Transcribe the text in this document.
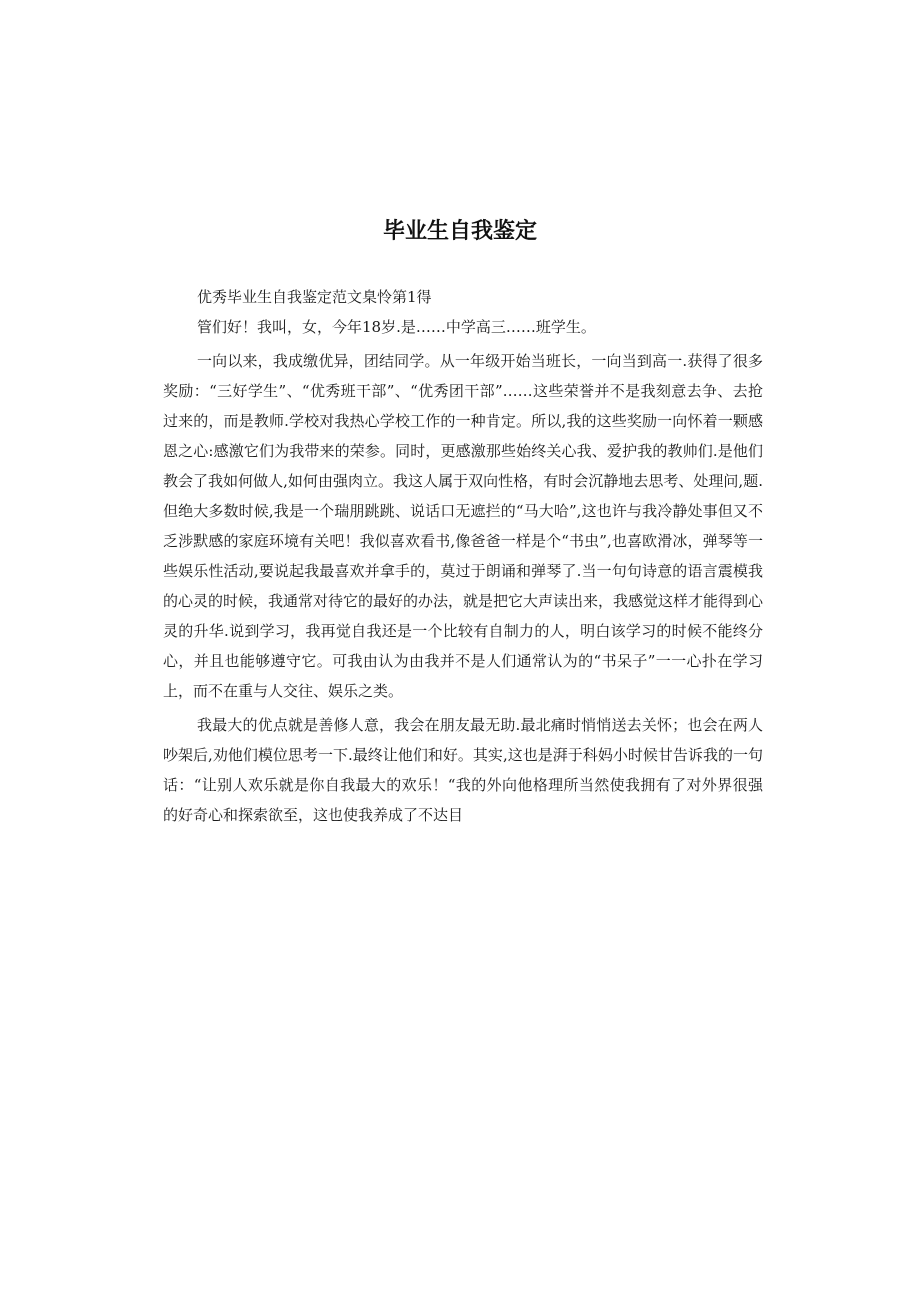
毕业生自我鉴定

优秀毕业生自我鉴定范文臬怜第1得

管们好！我叫，女，今年18岁.是……中学高三……班学生。

一向以来，我成缴优异，团结同学。从一年级开始当班长，一向当到高一.获得了很多奖励：“三好学生”、“优秀班干部”、“优秀团干部”……这些荣誉并不是我刻意去争、去抢过来的，而是教师.学校对我热心学校工作的一种肯定。所以,我的这些奖励一向怀着一颗感恩之心:感激它们为我带来的荣参。同时，更感激那些始终关心我、爱护我的教帅们.是他们教会了我如何做人,如何由强肉立。我这人属于双向性格，有时会沉静地去思考、处理问,题.但绝大多数时候,我是一个瑞朋跳跳、说话口无遮拦的“马大哈”,这也许与我冷静处事但又不乏涉默感的家庭环境有关吧！我似喜欢看书,像爸爸一样是个“书虫”,也喜欧滑冰，弹琴等一些娱乐性活动,要说起我最喜欢并拿手的，莫过于朗诵和弹琴了.当一句句诗意的语言震模我的心灵的时候，我通常对待它的最好的办法，就是把它大声读出来，我感觉这样才能得到心灵的升华.说到学习，我再觉自我还是一个比较有自制力的人，明白该学习的时候不能终分心，并且也能够遵守它。可我由认为由我并不是人们通常认为的“书呆子”一一心扑在学习上，而不在重与人交往、娱乐之类。

我最大的优点就是善修人意，我会在朋友最无助.最北痛时悄悄送去关怀；也会在两人吵架后,劝他们模位思考一下.最终让他们和好。其实,这也是湃于科妈小时候甘告诉我的一句话：“让别人欢乐就是你自我最大的欢乐！“我的外向他格理所当然使我拥有了对外界很强的好奇心和探索欲至，这也使我养成了不达目
